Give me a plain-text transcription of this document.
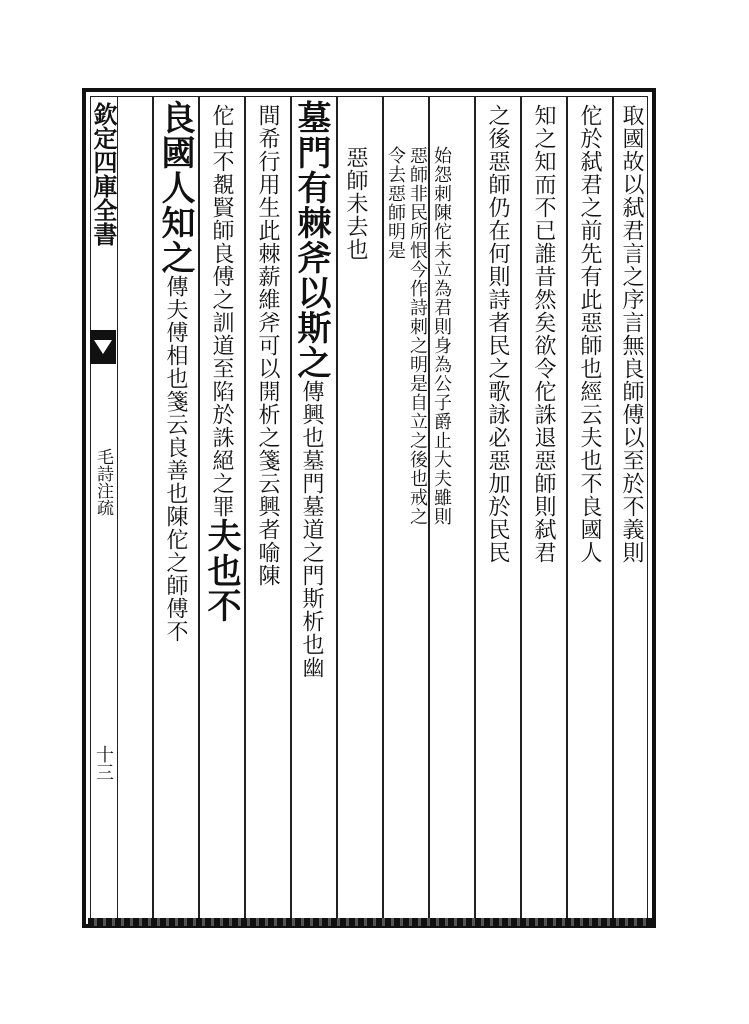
欽定四庫全書
毛詩注疏
十三
取國故以弑君言之序言無良師傅以至於不義則
佗於弑君之前先有此惡師也經云夫也不良國人
知之知而不已誰昔然矣欲令佗誅退惡師則弑君
之後惡師仍在何則詩者民之歌詠必惡加於民民
始怨刺陳佗未立為君則身為公子爵止大夫雖則
惡師非民所恨今作詩刺之明是自立之後也戒之
令去惡師明是
惡師未去也
墓門有棘斧以斯之傳興也墓門墓道之門斯析也幽
間希行用生此棘薪維斧可以開析之箋云興者喻陳
佗由不覩賢師良傅之訓道至陷於誅絕之罪夫也不
良國人知之傳夫傅相也箋云良善也陳佗之師傅不
